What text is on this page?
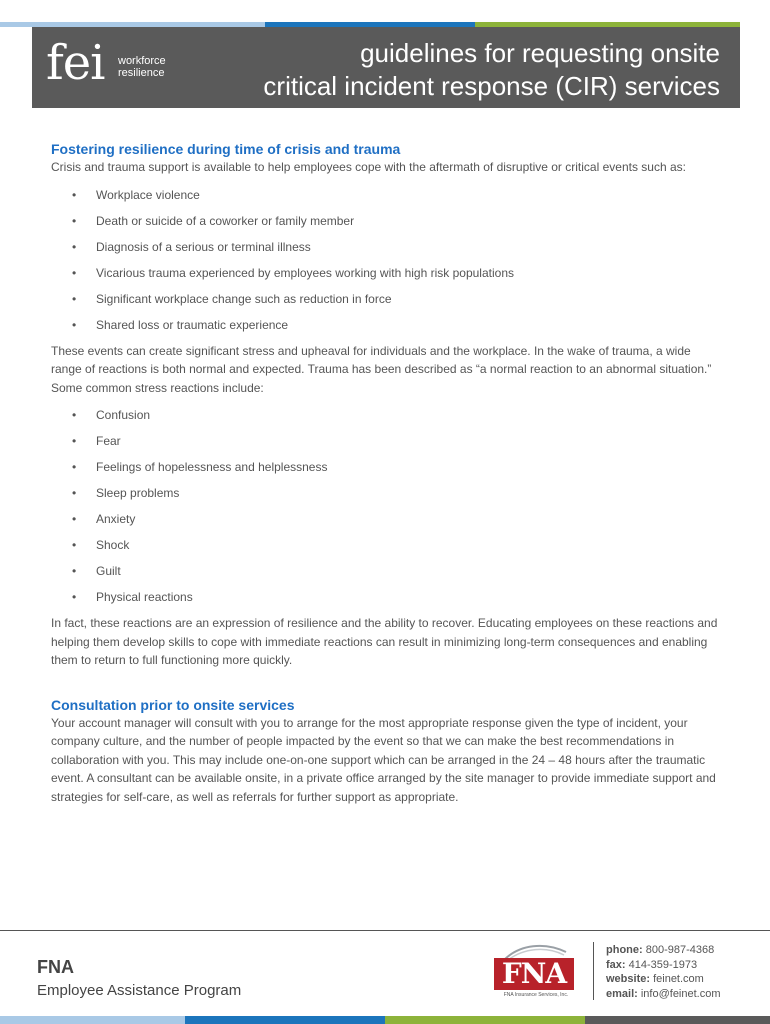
fei workforce
resilience
guidelines for requesting onsite
critical incident response (CIR) services
Fostering resilience during time of crisis and trauma

Crisis and trauma support is available to help employees cope with the aftermath of disruptive or critical events such as:

• Workplace violence
• Death or suicide of a coworker or family member
• Diagnosis of a serious or terminal illness
• Vicarious trauma experienced by employees working with high risk populations
• Significant workplace change such as reduction in force
• Shared loss or traumatic experience

These events can create significant stress and upheaval for individuals and the workplace. In the wake of trauma, a wide range of reactions is both normal and expected. Trauma has been described as “a normal reaction to an abnormal situation.” Some common stress reactions include:

• Confusion
• Fear
• Feelings of hopelessness and helplessness
• Sleep problems
• Anxiety
• Shock
• Guilt
• Physical reactions

In fact, these reactions are an expression of resilience and the ability to recover. Educating employees on these reactions and helping them develop skills to cope with immediate reactions can result in minimizing long-term consequences and enabling them to return to full functioning more quickly.

Consultation prior to onsite services

Your account manager will consult with you to arrange for the most appropriate response given the type of incident, your company culture, and the number of people impacted by the event so that we can make the best recommendations in collaboration with you. This may include one-on-one support which can be arranged in the 24 – 48 hours after the traumatic event. A consultant can be available onsite, in a private office arranged by the site manager to provide immediate support and strategies for self-care, as well as referrals for further support as appropriate.

FNA
Employee Assistance Program
FNA
FNA Insurance Services, Inc.
phone: 800-987-4368
fax: 414-359-1973
website: feinet.com
email: info@feinet.com
